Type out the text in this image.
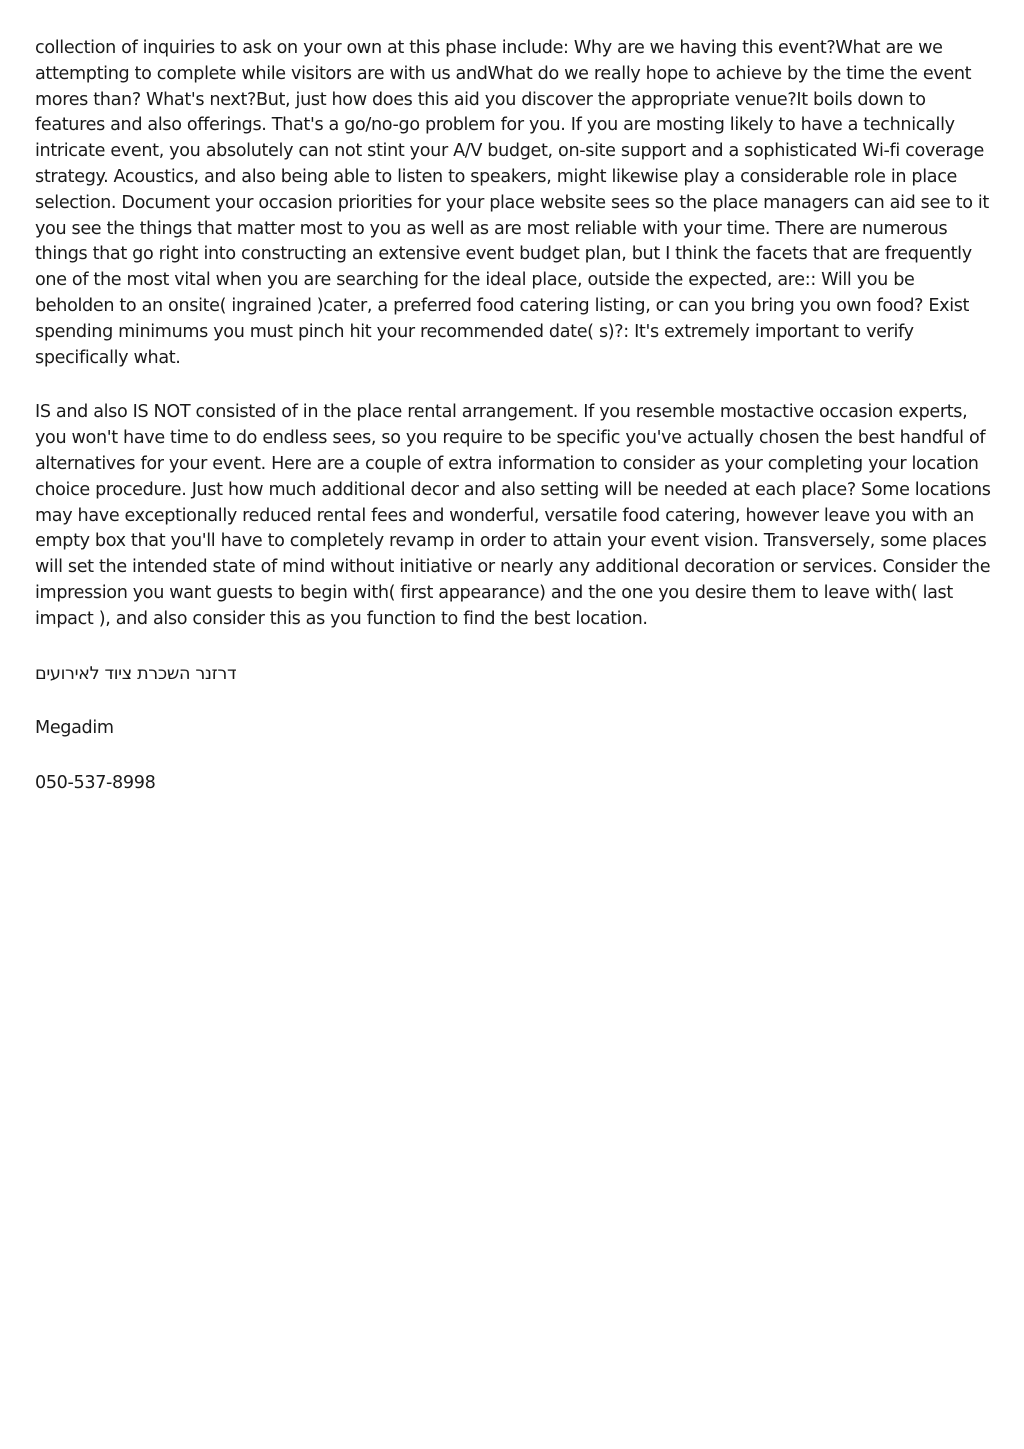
collection of inquiries to ask on your own at this phase include: Why are we having this event?What are we attempting to complete while visitors are with us andWhat do we really hope to achieve by the time the event mores than? What's next?But, just how does this aid you discover the appropriate venue?It boils down to features and also offerings. That's a go/no-go problem for you. If you are mosting likely to have a technically intricate event, you absolutely can not stint your A/V budget, on-site support and a sophisticated Wi-fi coverage strategy. Acoustics, and also being able to listen to speakers, might likewise play a considerable role in place selection. Document your occasion priorities for your place website sees so the place managers can aid see to it you see the things that matter most to you as well as are most reliable with your time. There are numerous things that go right into constructing an extensive event budget plan, but I think the facets that are frequently one of the most vital when you are searching for the ideal place, outside the expected, are:: Will you be beholden to an onsite( ingrained )cater, a preferred food catering listing, or can you bring you own food? Exist spending minimums you must pinch hit your recommended date( s)?: It's extremely important to verify specifically what.

IS and also IS NOT consisted of in the place rental arrangement. If you resemble mostactive occasion experts, you won't have time to do endless sees, so you require to be specific you've actually chosen the best handful of alternatives for your event. Here are a couple of extra information to consider as your completing your location choice procedure. Just how much additional decor and also setting will be needed at each place? Some locations may have exceptionally reduced rental fees and wonderful, versatile food catering, however leave you with an empty box that you'll have to completely revamp in order to attain your event vision. Transversely, some places will set the intended state of mind without initiative or nearly any additional decoration or services. Consider the impression you want guests to begin with( first appearance) and the one you desire them to leave with( last impact ), and also consider this as you function to find the best location.

דרזנר השכרת ציוד לאירועים

Megadim

050-537-8998
